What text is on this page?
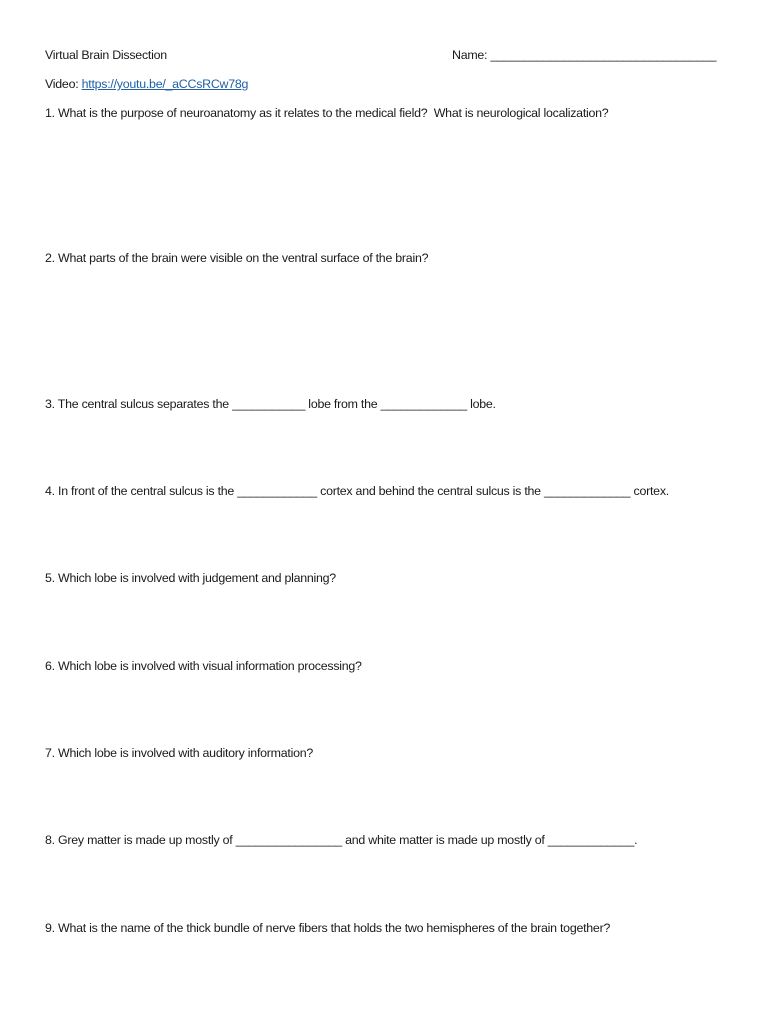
Virtual Brain Dissection	Name: __________________________________
Video: https://youtu.be/_aCCsRCw78g
1. What is the purpose of neuroanatomy as it relates to the medical field?  What is neurological localization?
2. What parts of the brain were visible on the ventral surface of the brain?
3. The central sulcus separates the ___________ lobe from the _____________ lobe.
4. In front of the central sulcus is the ____________ cortex and behind the central sulcus is the _____________ cortex.
5. Which lobe is involved with judgement and planning?
6. Which lobe is involved with visual information processing?
7. Which lobe is involved with auditory information?
8. Grey matter is made up mostly of ________________ and white matter is made up mostly of _____________.
9. What is the name of the thick bundle of nerve fibers that holds the two hemispheres of the brain together?
